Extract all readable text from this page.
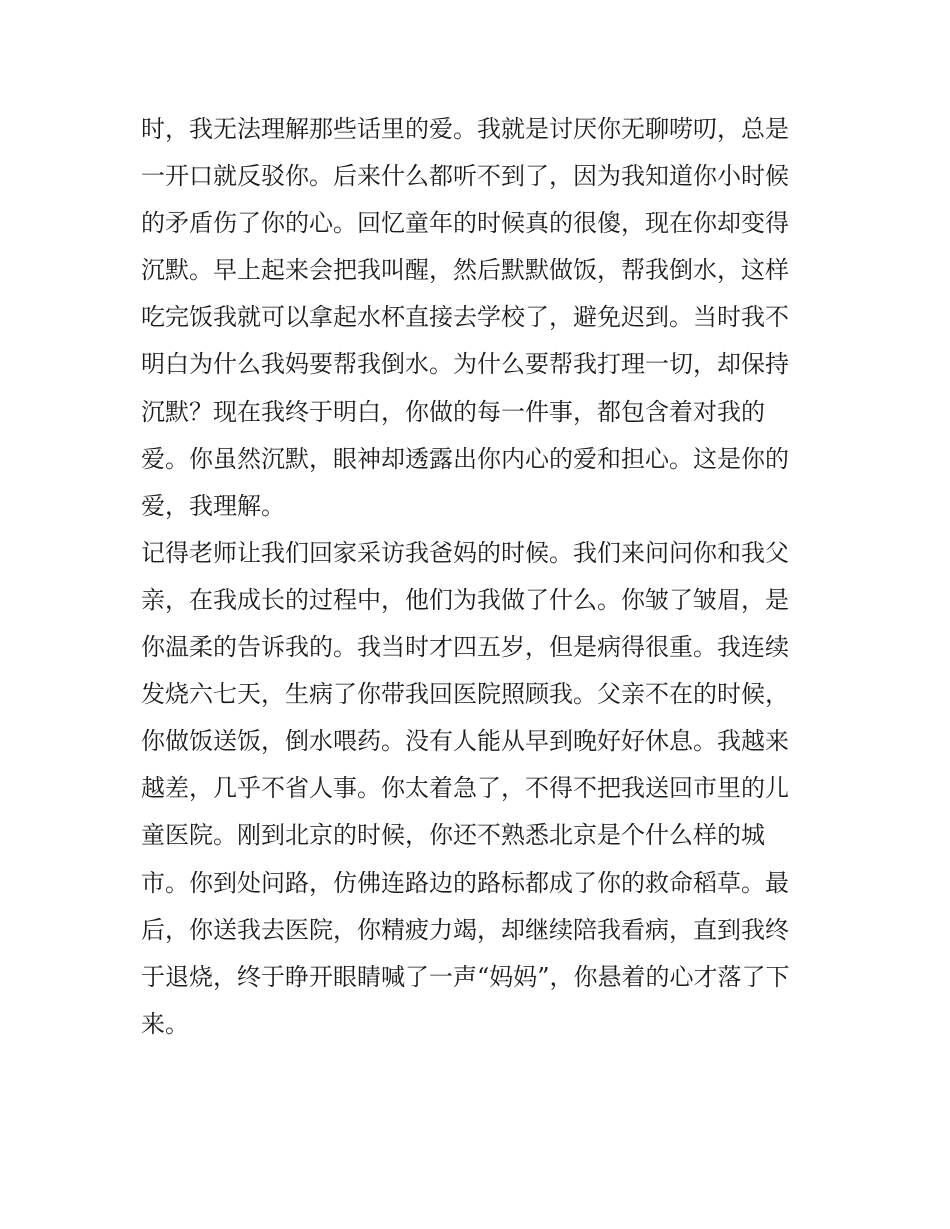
时，我无法理解那些话里的爱。我就是讨厌你无聊唠叨，总是
一开口就反驳你。后来什么都听不到了，因为我知道你小时候
的矛盾伤了你的心。回忆童年的时候真的很傻，现在你却变得
沉默。早上起来会把我叫醒，然后默默做饭，帮我倒水，这样
吃完饭我就可以拿起水杯直接去学校了，避免迟到。当时我不
明白为什么我妈要帮我倒水。为什么要帮我打理一切，却保持
沉默？现在我终于明白，你做的每一件事，都包含着对我的
爱。你虽然沉默，眼神却透露出你内心的爱和担心。这是你的
爱，我理解。
记得老师让我们回家采访我爸妈的时候。我们来问问你和我父
亲，在我成长的过程中，他们为我做了什么。你皱了皱眉，是
你温柔的告诉我的。我当时才四五岁，但是病得很重。我连续
发烧六七天，生病了你带我回医院照顾我。父亲不在的时候，
你做饭送饭，倒水喂药。没有人能从早到晚好好休息。我越来
越差，几乎不省人事。你太着急了，不得不把我送回市里的儿
童医院。刚到北京的时候，你还不熟悉北京是个什么样的城
市。你到处问路，仿佛连路边的路标都成了你的救命稻草。最
后，你送我去医院，你精疲力竭，却继续陪我看病，直到我终
于退烧，终于睁开眼睛喊了一声“妈妈”，你悬着的心才落了下
来。
